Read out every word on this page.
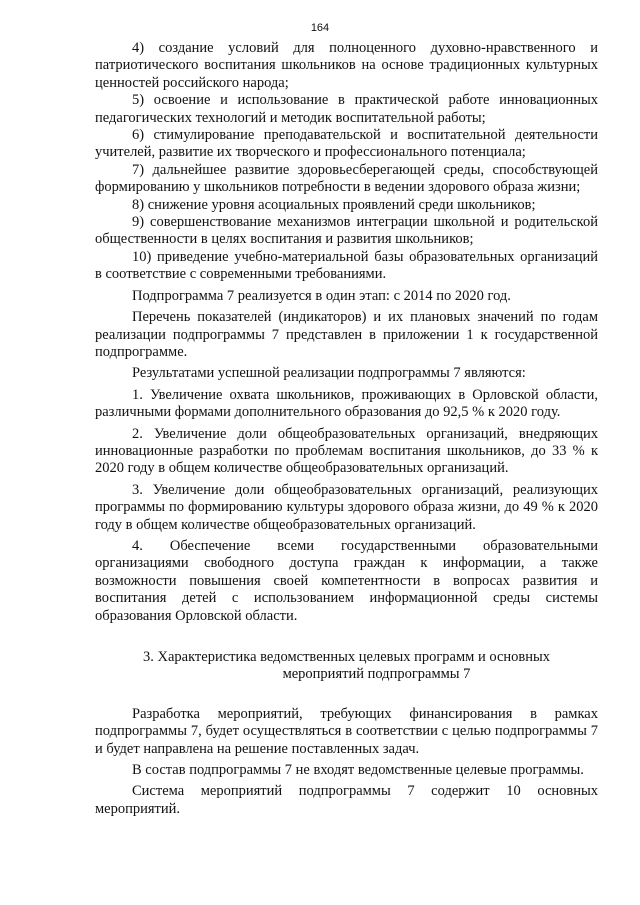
164

4) создание условий для полноценного духовно-нравственного и патриотического воспитания школьников на основе традиционных культурных ценностей российского народа;

5) освоение и использование в практической работе инновационных педагогических технологий и методик воспитательной работы;

6) стимулирование преподавательской и воспитательной деятельности учителей, развитие их творческого и профессионального потенциала;

7) дальнейшее развитие здоровьесберегающей среды, способствующей формированию у школьников потребности в ведении здорового образа жизни;

8) снижение уровня асоциальных проявлений среди школьников;

9) совершенствование механизмов интеграции школьной и родительской общественности в целях воспитания и развития школьников;

10) приведение учебно-материальной базы образовательных организаций в соответствие с современными требованиями.

Подпрограмма 7 реализуется в один этап: с 2014 по 2020 год.

Перечень показателей (индикаторов) и их плановых значений по годам реализации подпрограммы 7 представлен в приложении 1 к государственной подпрограмме.

Результатами успешной реализации подпрограммы 7 являются:

1. Увеличение охвата школьников, проживающих в Орловской области, различными формами дополнительного образования до 92,5 % к 2020 году.

2. Увеличение доли общеобразовательных организаций, внедряющих инновационные разработки по проблемам воспитания школьников, до 33 % к 2020 году в общем количестве общеобразовательных организаций.

3. Увеличение доли общеобразовательных организаций, реализующих программы по формированию культуры здорового образа жизни, до 49 % к 2020 году в общем количестве общеобразовательных организаций.

4. Обеспечение всеми государственными образовательными организациями свободного доступа граждан к информации, а также возможности повышения своей компетентности в вопросах развития и воспитания детей с использованием информационной среды системы образования Орловской области.

3. Характеристика ведомственных целевых программ и основных
мероприятий подпрограммы 7

Разработка мероприятий, требующих финансирования в рамках подпрограммы 7, будет осуществляться в соответствии с целью подпрограммы 7 и будет направлена на решение поставленных задач.

В состав подпрограммы 7 не входят ведомственные целевые программы.

Система мероприятий подпрограммы 7 содержит 10 основных мероприятий.
